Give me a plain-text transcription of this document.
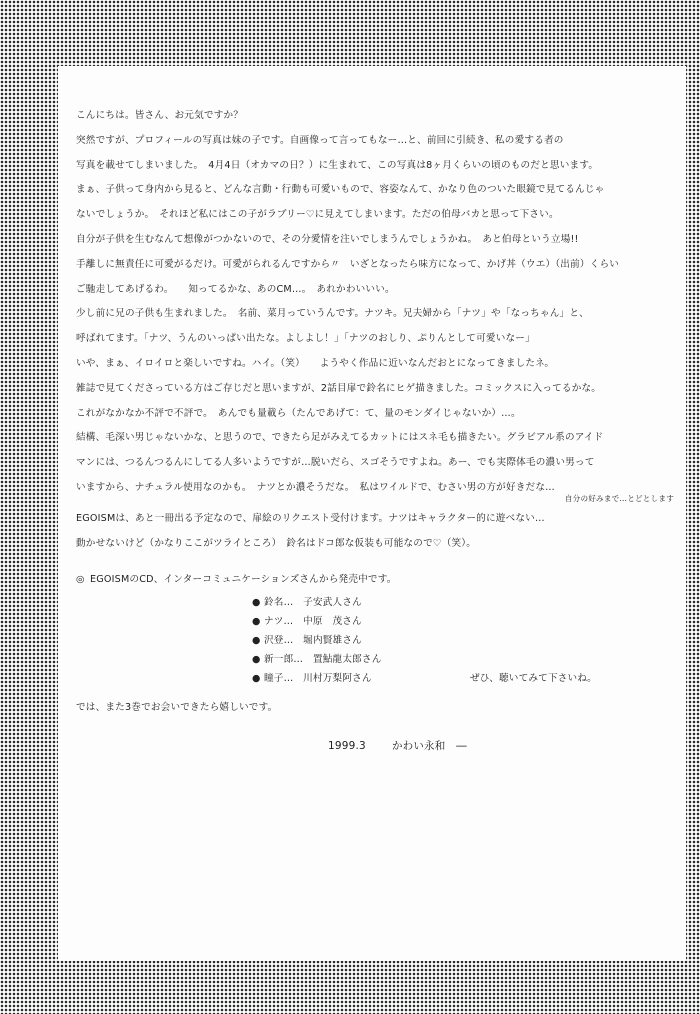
こんにちは。皆さん、お元気ですか？
突然ですが、プロフィールの写真は妹の子です。自画像って言ってもなー…と、前回に引続き、私の愛する者の
写真を載せてしまいました。　4月4日（オカマの日？）に生まれて、この写真は8ヶ月くらいの頃のものだと思います。
まぁ、子供って身内から見ると、どんな言動・行動も可愛いもので、容姿なんて、かなり色のついた眼鏡で見てるんじゃ
ないでしょうか。　それほど私にはこの子がラブリー♡に見えてしまいます。ただの伯母バカと思って下さい。
自分が子供を生むなんて想像がつかないので、その分愛情を注いでしまうんでしょうかね。　あと伯母という立場!!
手離しに無責任に可愛がるだけ。可愛がられるんですから〃　いざとなったら味方になって、かげ丼（ウエ）（出前）くらい
ご馳走してあげるわ。　　知ってるかな、あのCM…。　あれかわいいい。
少し前に兄の子供も生まれました。　名前、菜月っていうんです。ナツキ。兄夫婦から「ナツ」や「なっちゃん」と、
呼ばれてます。「ナツ、うんのいっぱい出たな。よしよし！」「ナツのおしり、ぷりんとして可愛いなー」
いや、まぁ、イロイロと楽しいですね。ハイ。（笑）　　ようやく作品に近いなんだおとになってきましたネ。
雑誌で見てくださっている方はご存じだと思いますが、2話目扉で鈴名にヒゲ描きました。コミックスに入ってるかな。
これがなかなか不評で不評で。　あんでも量載ら（たんであげて：て、量のモンダイじゃないか）…。
結構、毛深い男じゃないかな、と思うので、できたら足がみえてるカットにはスネ毛も描きたい。グラビアル系のアイド
マンには、つるんつるんにしてる人多いようですが…脱いだら、スゴそうですよね。あー、でも実際体毛の濃い男って
いますから、ナチュラル使用なのかも。　ナツとか濃そうだな。　私はワイルドで、むさい男の方が好きだな…
自分の好みまで…とどとします
EGOISMは、あと一冊出る予定なので、扉絵のリクエスト受付けます。ナツはキャラクター的に遊べない…
動かせないけど（かなりここがツライところ）　鈴名はドコ郎な仮装も可能なので♡（笑）。
◎ EGOISMのCD、インターコミュニケーションズさんから発売中です。
● 鈴名…　子安武人さん
● ナツ…　中原　茂さん
● 沢登…　堀内賢雄さん
● 新一郎…　置鮎龍太郎さん
● 瞳子…　川村万梨阿さん	ぜひ、聴いてみて下さいね。
では、また3巻でお会いできたら嬉しいです。
1999.3 かわい永和　―
